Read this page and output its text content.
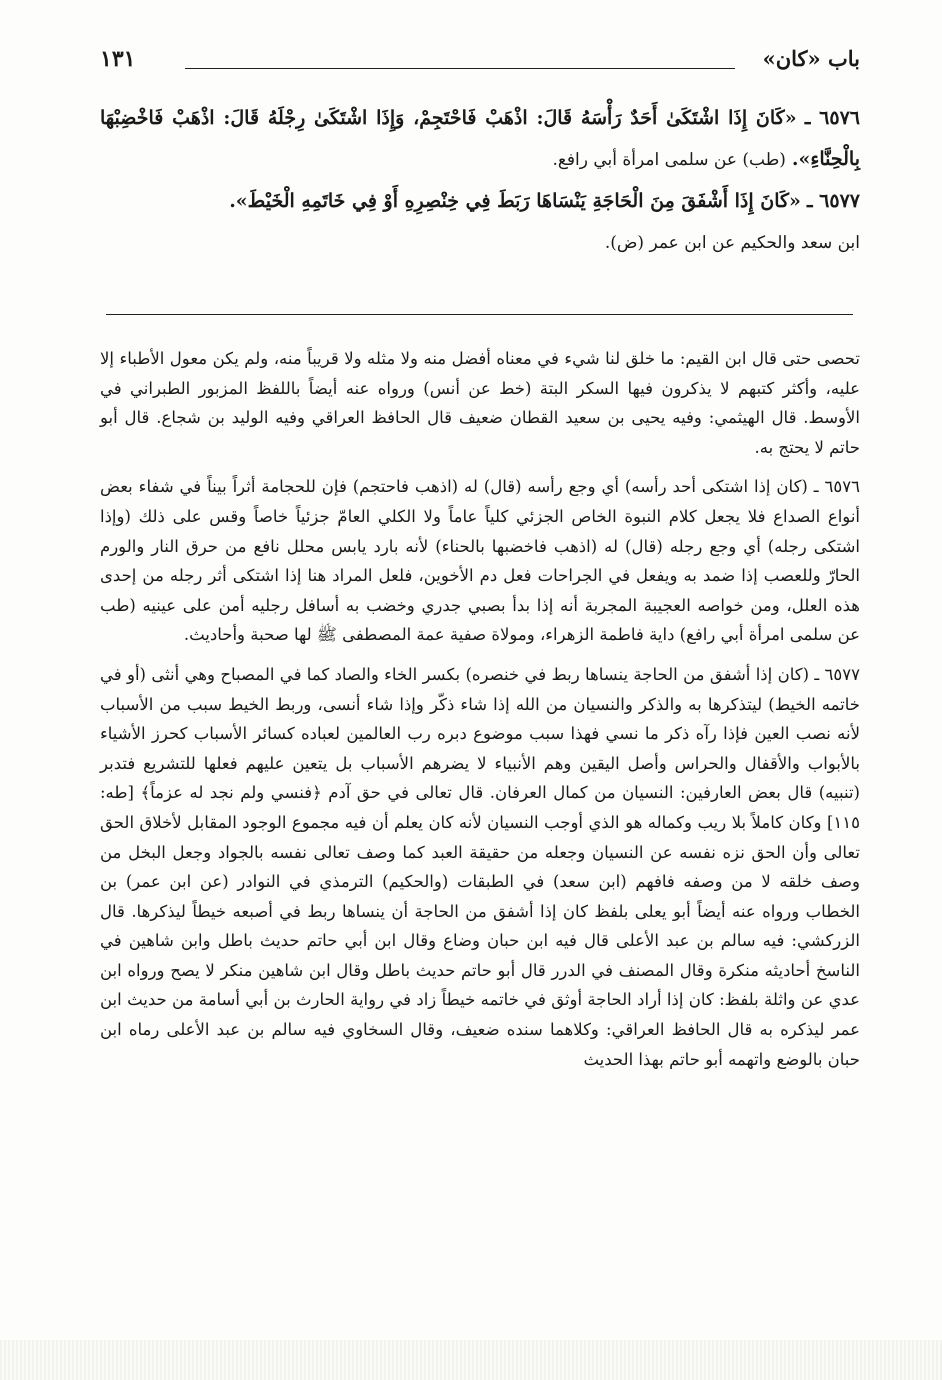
باب «كان»
١٣١

٦٥٧٦ ـ «كَانَ إِذَا اشْتَكَىٰ أَحَدٌ رَأْسَهُ قَالَ: اذْهَبْ فَاحْتَجِمْ، وَإِذَا اشْتَكَىٰ رِجْلَهُ قَالَ: اذْهَبْ فَاخْضِبْهَا بِالْحِنَّاءِ». (طب) عن سلمى امرأة أبي رافع.

٦٥٧٧ ـ «كَانَ إِذَا أَشْفَقَ مِنَ الْحَاجَةِ يَنْسَاهَا رَبَطَ فِي خِنْصِرِهِ أَوْ فِي خَاتَمِهِ الْخَيْطَ».
ابن سعد والحكيم عن ابن عمر (ض).

تحصى حتى قال ابن القيم: ما خلق لنا شيء في معناه أفضل منه ولا مثله ولا قريباً منه، ولم يكن معول الأطباء إلا عليه، وأكثر كتبهم لا يذكرون فيها السكر البتة (خط عن أنس) ورواه عنه أيضاً باللفظ المزبور الطبراني في الأوسط. قال الهيثمي: وفيه يحيى بن سعيد القطان ضعيف قال الحافظ العراقي وفيه الوليد بن شجاع. قال أبو حاتم لا يحتج به.

٦٥٧٦ ـ (كان إذا اشتكى أحد رأسه) أي وجع رأسه (قال) له (اذهب فاحتجم) فإن للحجامة أثراً بيناً في شفاء بعض أنواع الصداع فلا يجعل كلام النبوة الخاص الجزئي كلياً عاماً ولا الكلي العامّ جزئياً خاصاً وقس على ذلك (وإذا اشتكى رجله) أي وجع رجله (قال) له (اذهب فاخضبها بالحناء) لأنه بارد يابس محلل نافع من حرق النار والورم الحارّ وللعصب إذا ضمد به ويفعل في الجراحات فعل دم الأخوين، فلعل المراد هنا إذا اشتكى أثر رجله من إحدى هذه العلل، ومن خواصه العجيبة المجربة أنه إذا بدأ بصبي جدري وخضب به أسافل رجليه أمن على عينيه (طب عن سلمى امرأة أبي رافع) داية فاطمة الزهراء، ومولاة صفية عمة المصطفى ﷺ لها صحبة وأحاديث.

٦٥٧٧ ـ (كان إذا أشفق من الحاجة ينساها ربط في خنصره) بكسر الخاء والصاد كما في المصباح وهي أنثى (أو في خاتمه الخيط) ليتذكرها به والذكر والنسيان من الله إذا شاء ذكّر وإذا شاء أنسى، وربط الخيط سبب من الأسباب لأنه نصب العين فإذا رآه ذكر ما نسي فهذا سبب موضوع دبره رب العالمين لعباده كسائر الأسباب كحرز الأشياء بالأبواب والأقفال والحراس وأصل اليقين وهم الأنبياء لا يضرهم الأسباب بل يتعين عليهم فعلها للتشريع فتدبر (تنبيه) قال بعض العارفين: النسيان من كمال العرفان. قال تعالى في حق آدم ﴿فنسي ولم نجد له عزماً﴾ [طه: ١١٥] وكان كاملاً بلا ريب وكماله هو الذي أوجب النسيان لأنه كان يعلم أن فيه مجموع الوجود المقابل لأخلاق الحق تعالى وأن الحق نزه نفسه عن النسيان وجعله من حقيقة العبد كما وصف تعالى نفسه بالجواد وجعل البخل من وصف خلقه لا من وصفه فافهم (ابن سعد) في الطبقات (والحكيم) الترمذي في النوادر (عن ابن عمر) بن الخطاب ورواه عنه أيضاً أبو يعلى بلفظ كان إذا أشفق من الحاجة أن ينساها ربط في أصبعه خيطاً ليذكرها. قال الزركشي: فيه سالم بن عبد الأعلى قال فيه ابن حبان وضاع وقال ابن أبي حاتم حديث باطل وابن شاهين في الناسخ أحاديثه منكرة وقال المصنف في الدرر قال أبو حاتم حديث باطل وقال ابن شاهين منكر لا يصح ورواه ابن عدي عن واثلة بلفظ: كان إذا أراد الحاجة أوثق في خاتمه خيطاً زاد في رواية الحارث بن أبي أسامة من حديث ابن عمر ليذكره به قال الحافظ العراقي: وكلاهما سنده ضعيف، وقال السخاوي فيه سالم بن عبد الأعلى رماه ابن حبان بالوضع واتهمه أبو حاتم بهذا الحديث
